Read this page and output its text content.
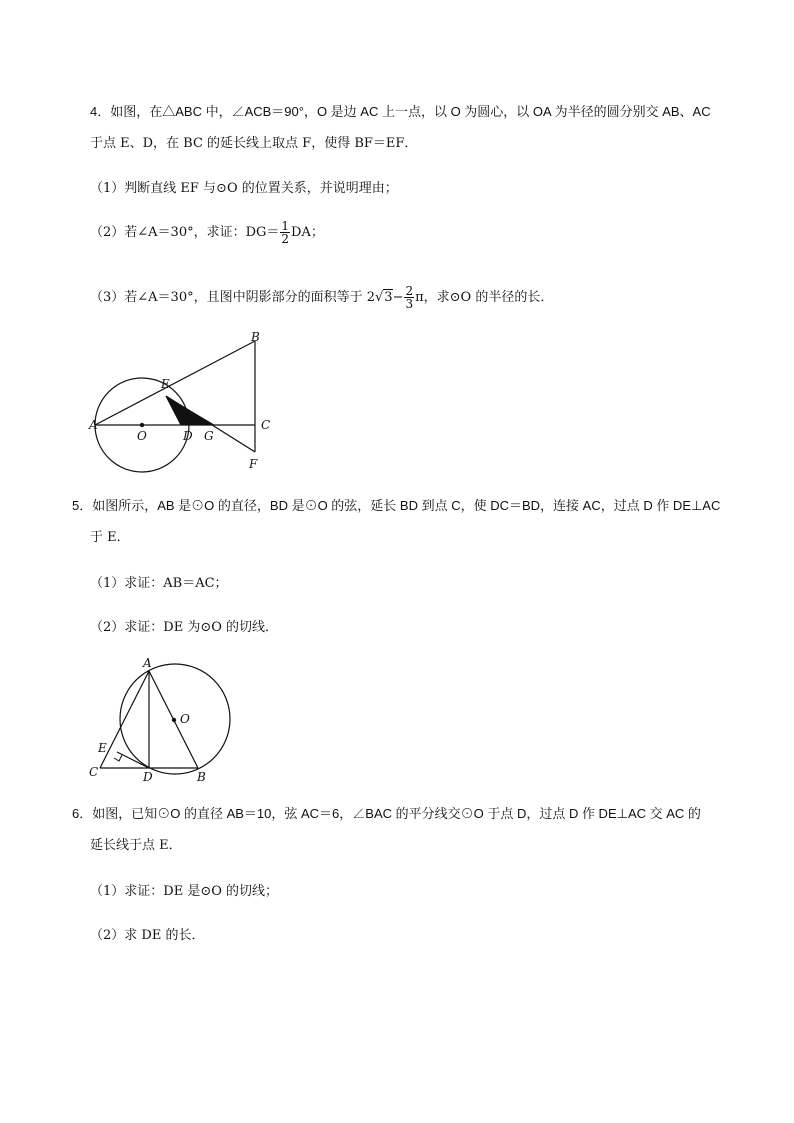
4．如图，在△ABC 中，∠ACB＝90°，O 是边 AC 上一点，以 O 为圆心，以 OA 为半径的圆分别交 AB、AC
于点 E、D，在 BC 的延长线上取点 F，使得 BF＝EF．
（1）判断直线 EF 与⊙O 的位置关系，并说明理由；
（2）若∠A＝30°，求证：$DG= \frac{1}{2}$ DA；
（3）若∠A＝30°，且图中阴影部分的面积等于 $2√3- \frac{2}{3}$ π，求⊙O 的半径的长．
A
B
C
D
E
F
G
O
5．如图所示，AB 是⊙O 的直径，BD 是⊙O 的弦，延长 BD 到点 C，使 DC＝BD，连接 AC，过点 D 作 DE⊥AC
于 E．
（1）求证：AB＝AC；
（2）求证：DE 为⊙O 的切线．
A
B
C	D
E
O
6．如图，已知⊙O 的直径 AB＝10，弦 AC＝6，∠BAC 的平分线交⊙O 于点 D，过点 D 作 DE⊥AC 交 AC 的
延长线于点 E．
（1）求证：DE 是⊙O 的切线；
（2）求 DE 的长．
